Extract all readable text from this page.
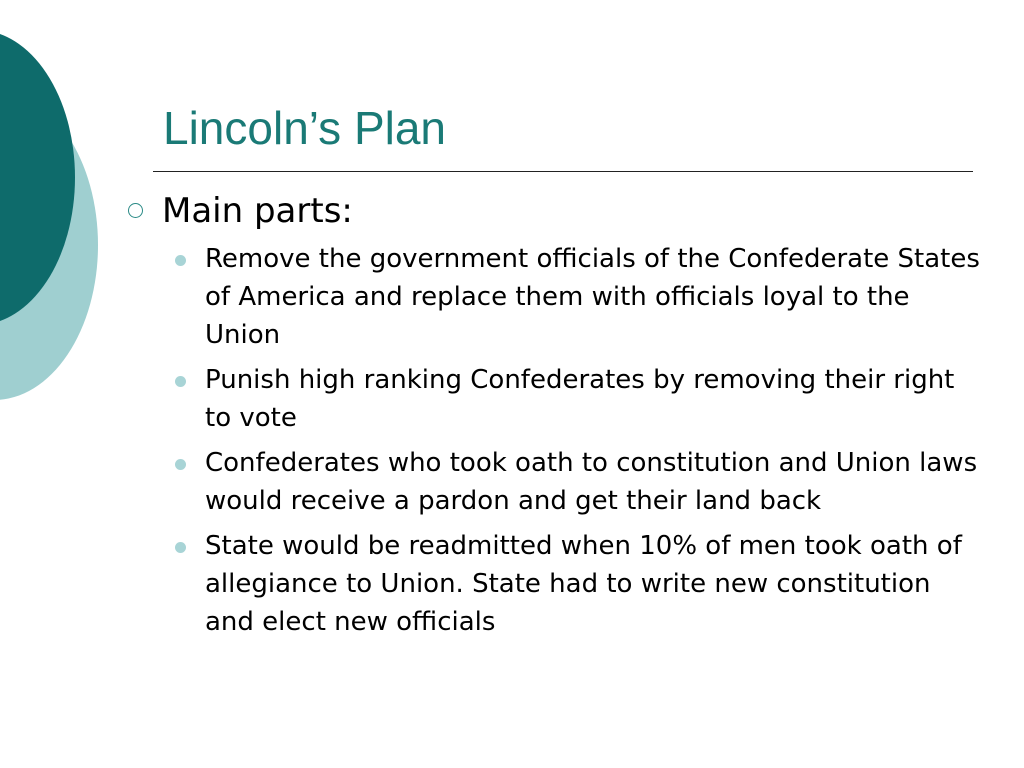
Lincoln’s Plan
Main parts:
Remove the government officials of the Confederate States of America and replace them with officials loyal to the Union
Punish high ranking Confederates by removing their right to vote
Confederates who took oath to constitution and Union laws would receive a pardon and get their land back
State would be readmitted when 10% of men took oath of allegiance to Union. State had to write new constitution and elect new officials
